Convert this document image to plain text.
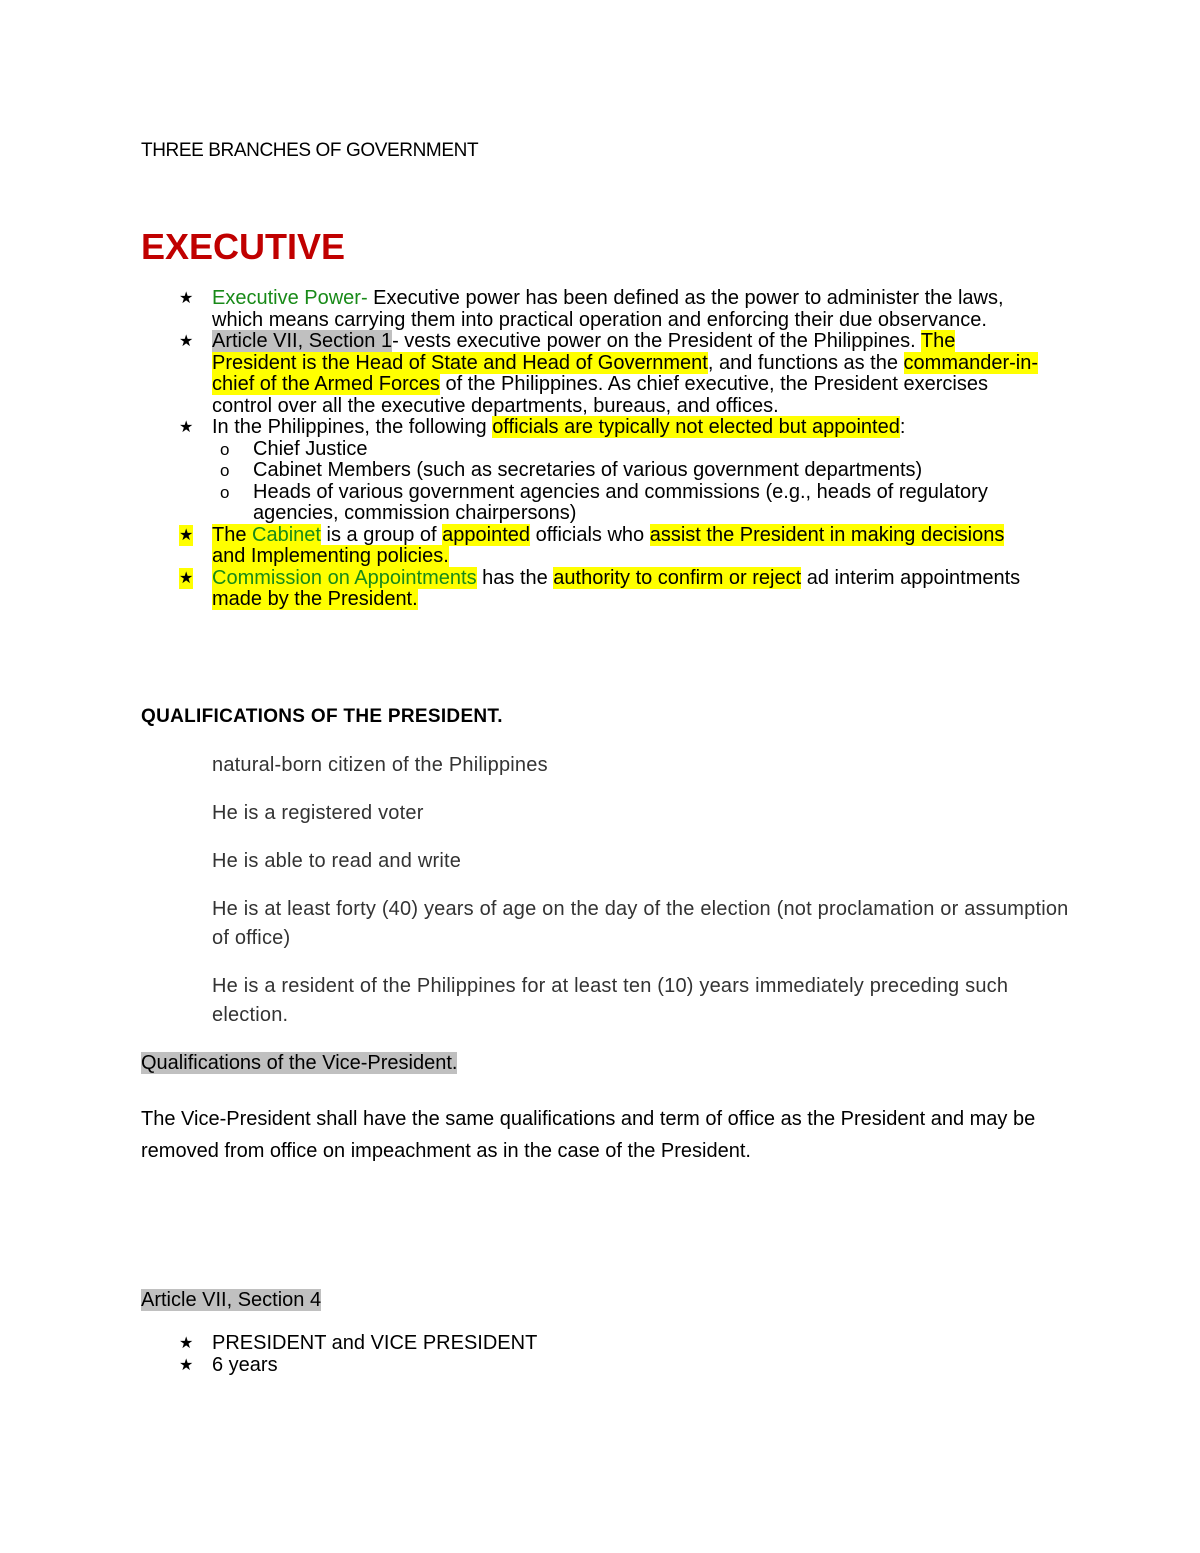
THREE BRANCHES OF GOVERNMENT
EXECUTIVE
★ Executive Power- Executive power has been defined as the power to administer the laws, which means carrying them into practical operation and enforcing their due observance.
★ Article VII, Section 1- vests executive power on the President of the Philippines. The President is the Head of State and Head of Government, and functions as the commander-in-chief of the Armed Forces of the Philippines. As chief executive, the President exercises control over all the executive departments, bureaus, and offices.
★ In the Philippines, the following officials are typically not elected but appointed:
o Chief Justice
o Cabinet Members (such as secretaries of various government departments)
o Heads of various government agencies and commissions (e.g., heads of regulatory agencies, commission chairpersons)
★ The Cabinet is a group of appointed officials who assist the President in making decisions and Implementing policies.
★ Commission on Appointments has the authority to confirm or reject ad interim appointments made by the President.
QUALIFICATIONS OF THE PRESIDENT.
natural-born citizen of the Philippines
He is a registered voter
He is able to read and write
He is at least forty (40) years of age on the day of the election (not proclamation or assumption of office)
He is a resident of the Philippines for at least ten (10) years immediately preceding such election.
Qualifications of the Vice-President.
The Vice-President shall have the same qualifications and term of office as the President and may be removed from office on impeachment as in the case of the President.
Article VII, Section 4
★ PRESIDENT and VICE PRESIDENT
★ 6 years
